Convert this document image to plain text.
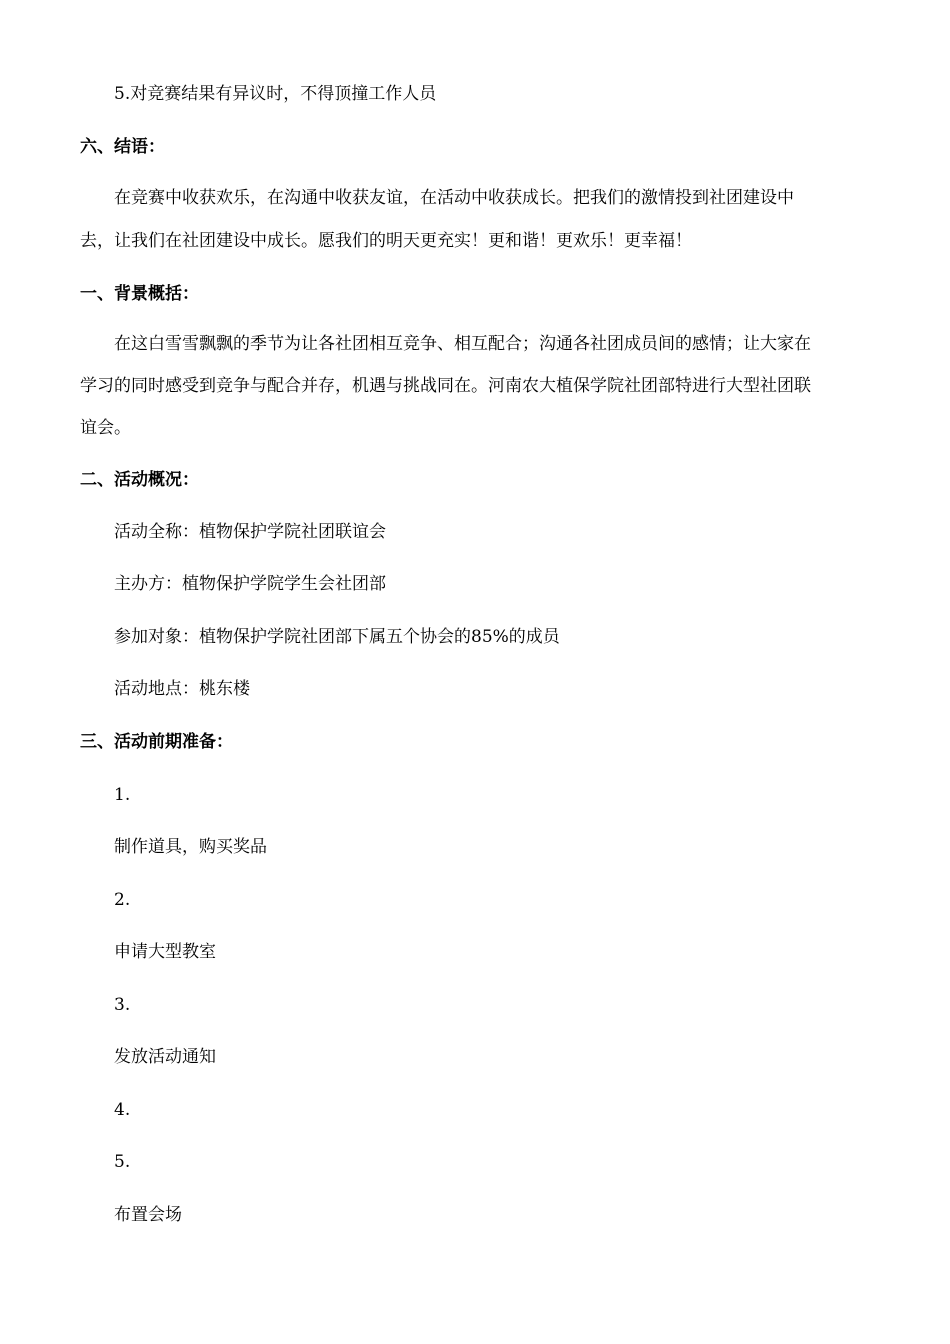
5.对竞赛结果有异议时，不得顶撞工作人员
六、结语：
在竞赛中收获欢乐，在沟通中收获友谊，在活动中收获成长。把我们的激情投到社团建设中
去，让我们在社团建设中成长。愿我们的明天更充实！更和谐！更欢乐！更幸福！
一、背景概括：
在这白雪雪飘飘的季节为让各社团相互竞争、相互配合；沟通各社团成员间的感情；让大家在
学习的同时感受到竞争与配合并存，机遇与挑战同在。河南农大植保学院社团部特进行大型社团联
谊会。
二、活动概况：
活动全称：植物保护学院社团联谊会
主办方：植物保护学院学生会社团部
参加对象：植物保护学院社团部下属五个协会的85%的成员
活动地点：桃东楼
三、活动前期准备：
1.
制作道具，购买奖品
2.
申请大型教室
3.
发放活动通知
4.
5.
布置会场
